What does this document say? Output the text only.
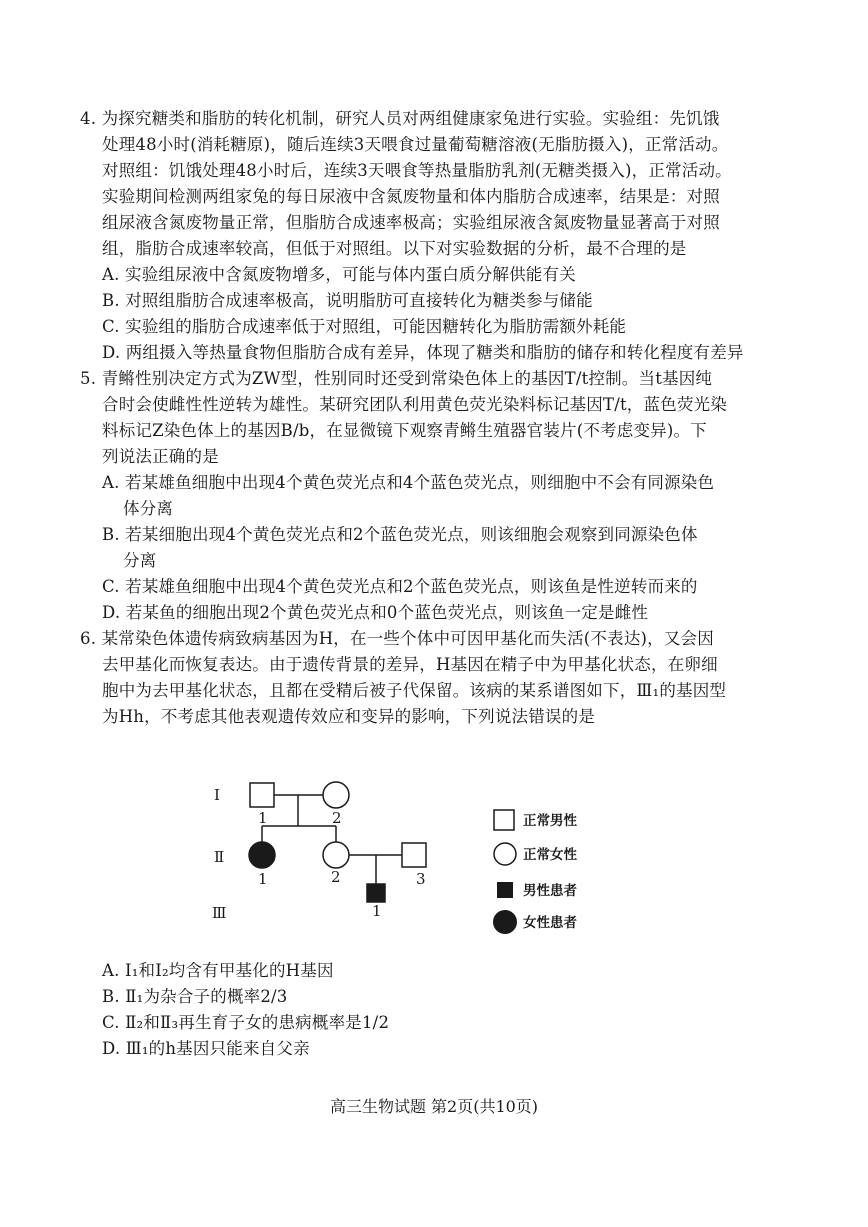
4. 为探究糖类和脂肪的转化机制，研究人员对两组健康家兔进行实验。实验组：先饥饿
处理48小时(消耗糖原)，随后连续3天喂食过量葡萄糖溶液(无脂肪摄入)，正常活动。
对照组：饥饿处理48小时后，连续3天喂食等热量脂肪乳剂(无糖类摄入)，正常活动。
实验期间检测两组家兔的每日尿液中含氮废物量和体内脂肪合成速率，结果是：对照
组尿液含氮废物量正常，但脂肪合成速率极高；实验组尿液含氮废物量显著高于对照
组，脂肪合成速率较高，但低于对照组。以下对实验数据的分析，最不合理的是
A. 实验组尿液中含氮废物增多，可能与体内蛋白质分解供能有关
B. 对照组脂肪合成速率极高，说明脂肪可直接转化为糖类参与储能
C. 实验组的脂肪合成速率低于对照组，可能因糖转化为脂肪需额外耗能
D. 两组摄入等热量食物但脂肪合成有差异，体现了糖类和脂肪的储存和转化程度有差异
5. 青鳉性别决定方式为ZW型，性别同时还受到常染色体上的基因T/t控制。当t基因纯
合时会使雌性性逆转为雄性。某研究团队利用黄色荧光染料标记基因T/t，蓝色荧光染
料标记Z染色体上的基因B/b，在显微镜下观察青鳉生殖器官装片(不考虑变异)。下
列说法正确的是
A. 若某雄鱼细胞中出现4个黄色荧光点和4个蓝色荧光点，则细胞中不会有同源染色
体分离
B. 若某细胞出现4个黄色荧光点和2个蓝色荧光点，则该细胞会观察到同源染色体
分离
C. 若某雄鱼细胞中出现4个黄色荧光点和2个蓝色荧光点，则该鱼是性逆转而来的
D. 若某鱼的细胞出现2个黄色荧光点和0个蓝色荧光点，则该鱼一定是雌性
6. 某常染色体遗传病致病基因为H，在一些个体中可因甲基化而失活(不表达)，又会因
去甲基化而恢复表达。由于遗传背景的差异，H基因在精子中为甲基化状态，在卵细
胞中为去甲基化状态，且都在受精后被子代保留。该病的某系谱图如下，Ⅲ₁的基因型
为Hh，不考虑其他表观遗传效应和变异的影响，下列说法错误的是
Ⅰ
Ⅱ
Ⅲ
1	2
1	2	3
1
正常男性
正常女性
男性患者
女性患者
A. Ⅰ₁和Ⅰ₂均含有甲基化的H基因
B. Ⅱ₁为杂合子的概率2/3
C. Ⅱ₂和Ⅱ₃再生育子女的患病概率是1/2
D. Ⅲ₁的h基因只能来自父亲
高三生物试题 第2页(共10页)
